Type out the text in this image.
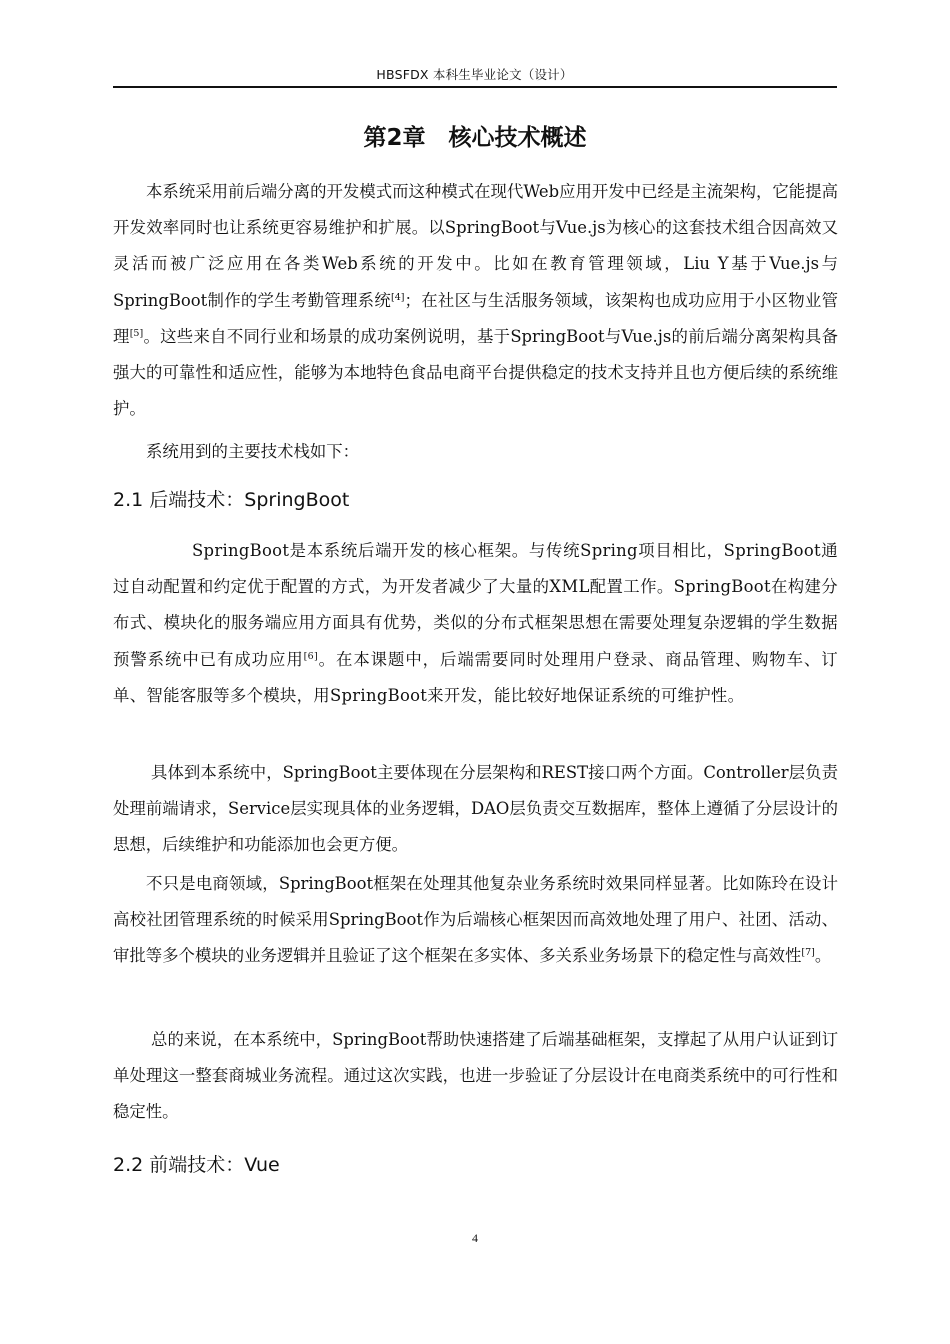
HBSFDX 本科生毕业论文（设计）
第2章　核心技术概述

本系统采用前后端分离的开发模式而这种模式在现代Web应用开发中已经是主流架构，它能提高开发效率同时也让系统更容易维护和扩展。以SpringBoot与Vue.js为核心的这套技术组合因高效又灵活而被广泛应用在各类Web系统的开发中。比如在教育管理领域，Liu Y基于Vue.js与SpringBoot制作的学生考勤管理系统[4]；在社区与生活服务领域，该架构也成功应用于小区物业管理[5]。这些来自不同行业和场景的成功案例说明，基于SpringBoot与Vue.js的前后端分离架构具备强大的可靠性和适应性，能够为本地特色食品电商平台提供稳定的技术支持并且也方便后续的系统维护。

系统用到的主要技术栈如下：

2.1 后端技术：SpringBoot

SpringBoot是本系统后端开发的核心框架。与传统Spring项目相比，SpringBoot通过自动配置和约定优于配置的方式，为开发者减少了大量的XML配置工作。SpringBoot在构建分布式、模块化的服务端应用方面具有优势，类似的分布式框架思想在需要处理复杂逻辑的学生数据预警系统中已有成功应用[6]。在本课题中，后端需要同时处理用户登录、商品管理、购物车、订单、智能客服等多个模块，用SpringBoot来开发，能比较好地保证系统的可维护性。

具体到本系统中，SpringBoot主要体现在分层架构和REST接口两个方面。Controller层负责处理前端请求，Service层实现具体的业务逻辑，DAO层负责交互数据库，整体上遵循了分层设计的思想，后续维护和功能添加也会更方便。

不只是电商领域，SpringBoot框架在处理其他复杂业务系统时效果同样显著。比如陈玲在设计高校社团管理系统的时候采用SpringBoot作为后端核心框架因而高效地处理了用户、社团、活动、审批等多个模块的业务逻辑并且验证了这个框架在多实体、多关系业务场景下的稳定性与高效性[7]。

总的来说，在本系统中，SpringBoot帮助快速搭建了后端基础框架，支撑起了从用户认证到订单处理这一整套商城业务流程。通过这次实践，也进一步验证了分层设计在电商类系统中的可行性和稳定性。

2.2 前端技术：Vue
4
